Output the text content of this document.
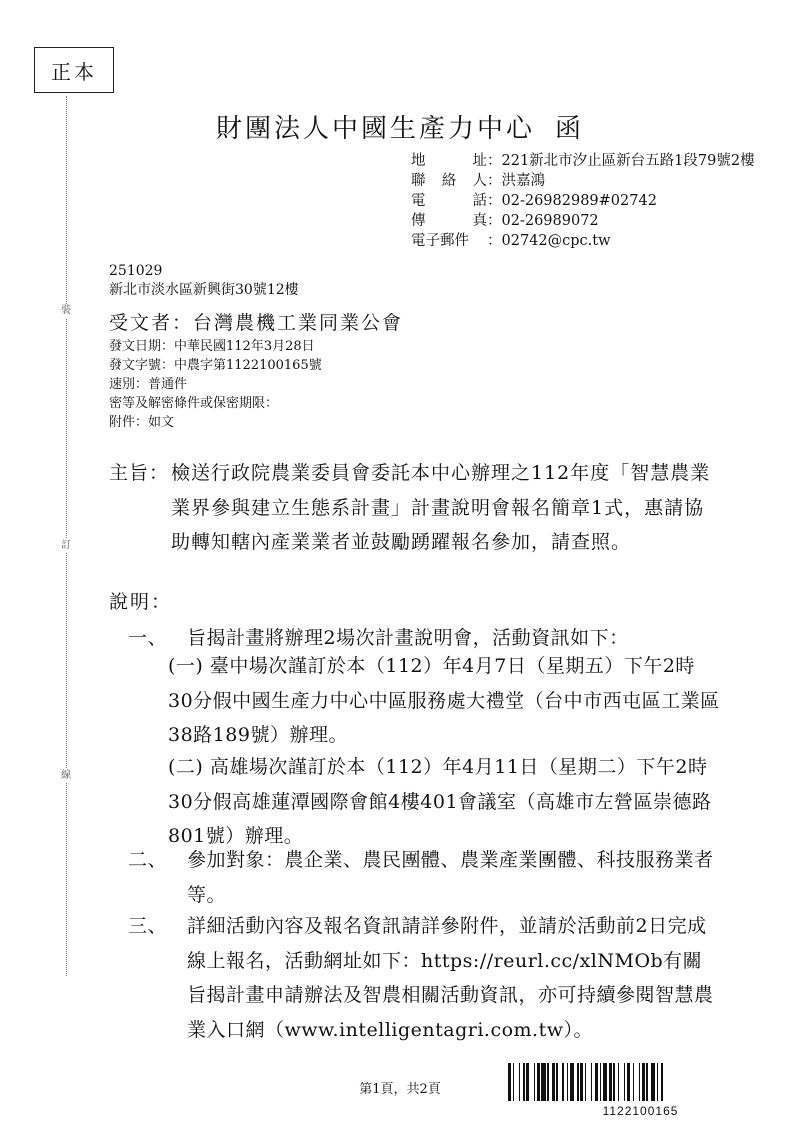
正本
裝
訂
線
財團法人中國生產力中心 函
地	址 ： 221新北市汐止區新台五路1段79號2樓
聯 絡 人 ： 洪嘉鴻
電	話 ： 02-26982989#02742
傳	真 ： 02-26989072
電子郵件 ： 02742@cpc.tw
251029
新北市淡水區新興街30號12樓
受文者：台灣農機工業同業公會
發文日期：中華民國112年3月28日
發文字號：中農字第1122100165號
速別：普通件
密等及解密條件或保密期限：
附件：如文
主旨： 檢送行政院農業委員會委託本中心辦理之112年度「智慧農業業界參與建立生態系計畫」計畫說明會報名簡章1式，惠請協助轉知轄內產業業者並鼓勵踴躍報名參加，請查照。
說明：
一、	旨揭計畫將辦理2場次計畫說明會，活動資訊如下：
(一) 臺中場次謹訂於本（112）年4月7日（星期五）下午2時30分假中國生產力中心中區服務處大禮堂（台中市西屯區工業區38路189號）辦理。
(二) 高雄場次謹訂於本（112）年4月11日（星期二）下午2時30分假高雄蓮潭國際會館4樓401會議室（高雄市左營區崇德路801號）辦理。
二、	參加對象：農企業、農民團體、農業產業團體、科技服務業者等。
三、	詳細活動內容及報名資訊請詳參附件，並請於活動前2日完成線上報名，活動網址如下：https://reurl.cc/xlNMOb有關旨揭計畫申請辦法及智農相關活動資訊，亦可持續參閱智慧農業入口網（www.intelligentagri.com.tw）。
第1頁，共2頁
1122100165
